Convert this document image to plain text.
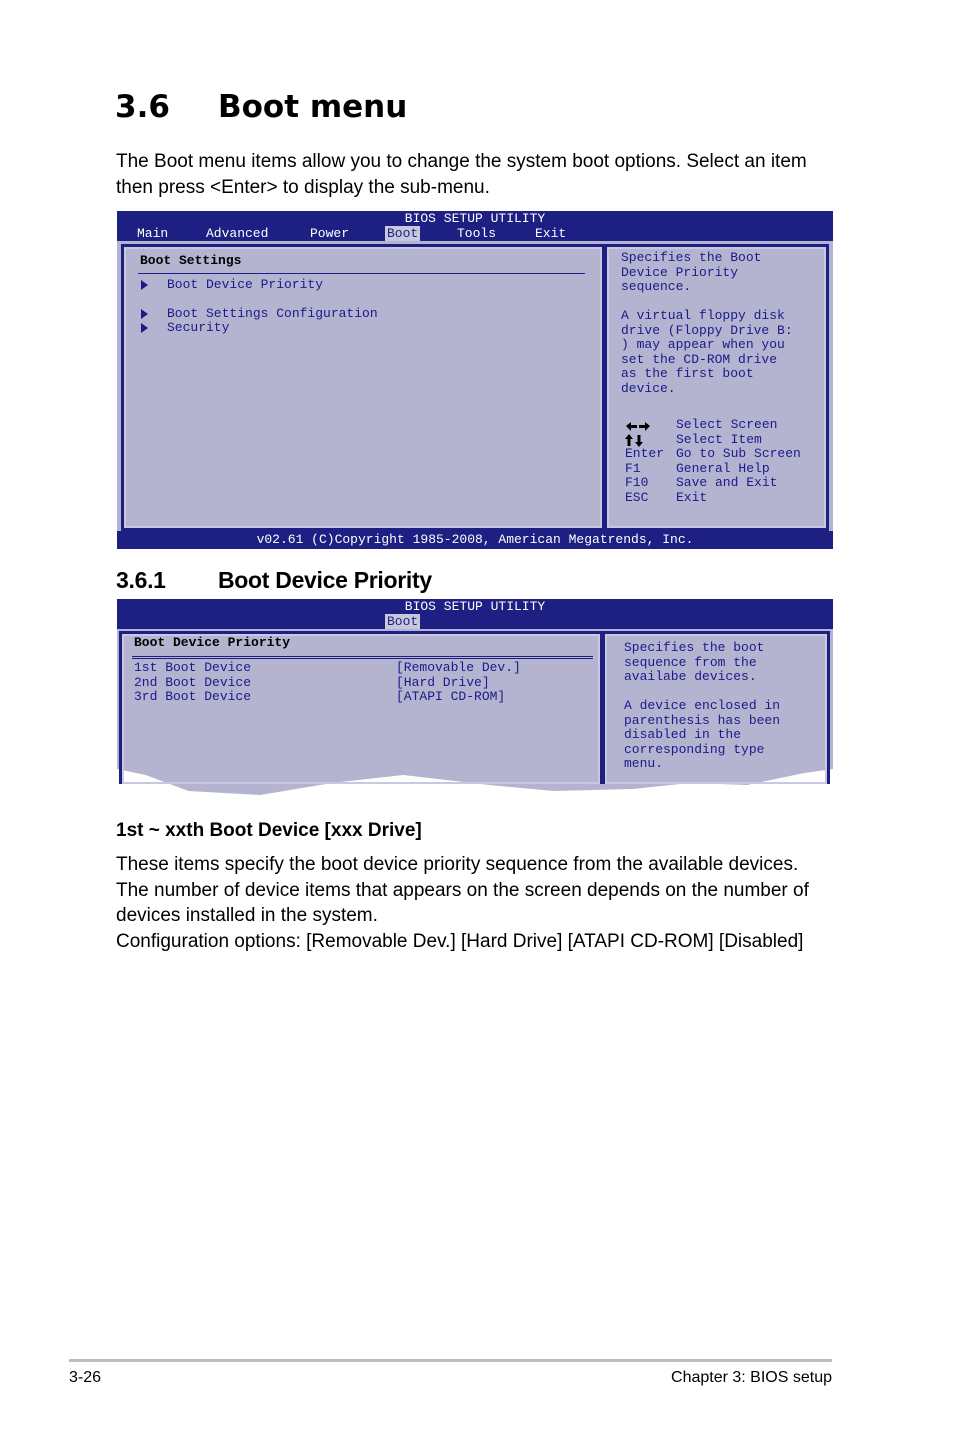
3.6 Boot menu

The Boot menu items allow you to change the system boot options. Select an item then press <Enter> to display the sub-menu.

BIOS SETUP UTILITY
Main	Advanced	Power	Boot	Tools	Exit
Boot Settings
Boot Device Priority
Boot Settings Configuration
Security
Specifies the Boot
Device Priority
sequence.
A virtual floppy disk
drive (Floppy Drive B:
) may appear when you
set the CD-ROM drive
as the first boot
device.
Select Screen
Select Item
Enter Go to Sub Screen
F1	General Help
F10 Save and Exit
ESC Exit
v02.61 (C)Copyright 1985-2008, American Megatrends, Inc.
3.6.1 Boot Device Priority
BIOS SETUP UTILITY
Boot
Boot Device Priority
1st Boot Device	[Removable Dev.]
2nd Boot Device	[Hard Drive]
3rd Boot Device	[ATAPI CD-ROM]
Specifies the boot
sequence from the
availabe devices.
A device enclosed in
parenthesis has been
disabled in the
corresponding type
menu.
1st ~ xxth Boot Device [xxx Drive]
These items specify the boot device priority sequence from the available devices.
The number of device items that appears on the screen depends on the number of
devices installed in the system.
Configuration options: [Removable Dev.] [Hard Drive] [ATAPI CD-ROM] [Disabled]
3-26	Chapter 3: BIOS setup
